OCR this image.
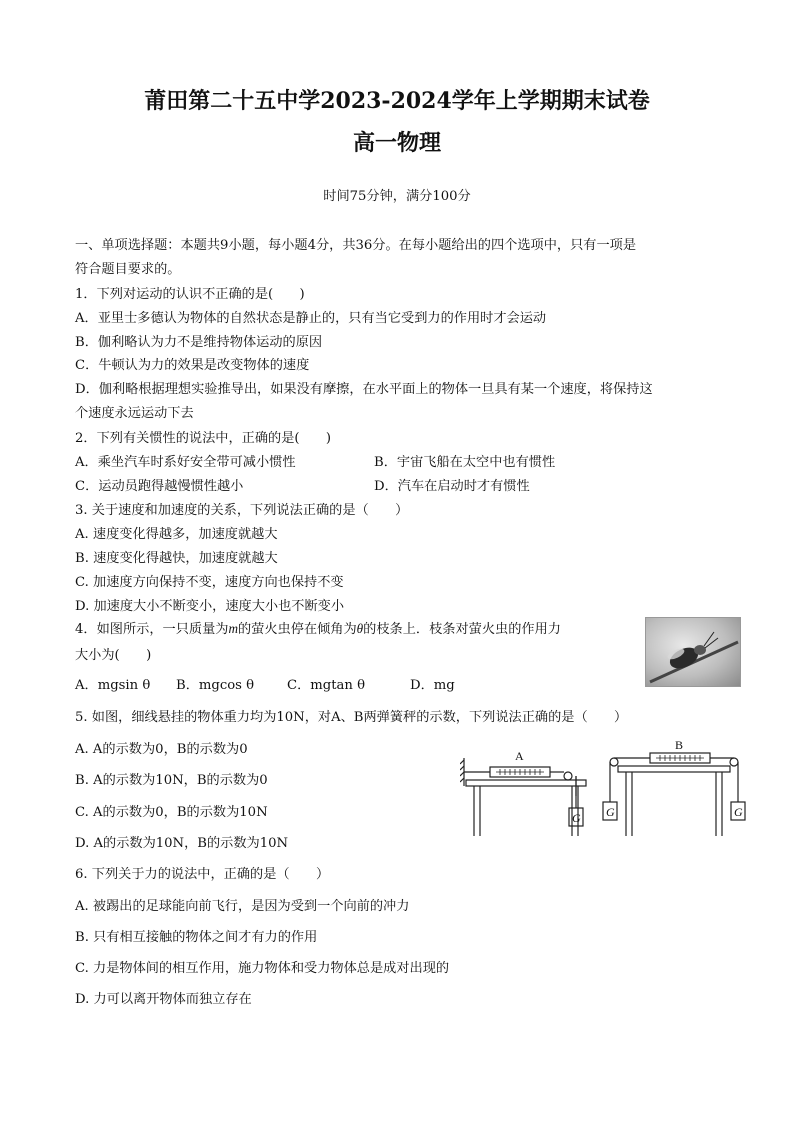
莆田第二十五中学2023-2024学年上学期期末试卷
高一物理
时间75分钟，满分100分
一、单项选择题：本题共9小题，每小题4分，共36分。在每小题给出的四个选项中，只有一项是
符合题目要求的。
1．下列对运动的认识不正确的是(　　)
A．亚里士多德认为物体的自然状态是静止的，只有当它受到力的作用时才会运动
B．伽利略认为力不是维持物体运动的原因
C．牛顿认为力的效果是改变物体的速度
D．伽利略根据理想实验推导出，如果没有摩擦，在水平面上的物体一旦具有某一个速度，将保持这
个速度永远运动下去
2．下列有关惯性的说法中，正确的是(　　)
A．乘坐汽车时系好安全带可减小惯性	B．宇宙飞船在太空中也有惯性
C．运动员跑得越慢惯性越小	D．汽车在启动时才有惯性
3. 关于速度和加速度的关系，下列说法正确的是（　　）
A. 速度变化得越多，加速度就越大
B. 速度变化得越快，加速度就越大
C. 加速度方向保持不变，速度方向也保持不变
D. 加速度大小不断变小，速度大小也不断变小
4．如图所示，一只质量为m的萤火虫停在倾角为θ的枝条上．枝条对萤火虫的作用力
大小为(　　)
A．mgsin θ B．mgcos θ C．mgtan θ	D．mg
5. 如图，细线悬挂的物体重力均为10N，对A、B两弹簧秤的示数，下列说法正确的是（　　）
A. A的示数为0，B的示数为0
B. A的示数为10N，B的示数为0
C. A的示数为0，B的示数为10N
D. A的示数为10N，B的示数为10N
A
B
G G	G
6. 下列关于力的说法中，正确的是（　　）
A. 被踢出的足球能向前飞行，是因为受到一个向前的冲力
B. 只有相互接触的物体之间才有力的作用
C. 力是物体间的相互作用，施力物体和受力物体总是成对出现的
D. 力可以离开物体而独立存在
